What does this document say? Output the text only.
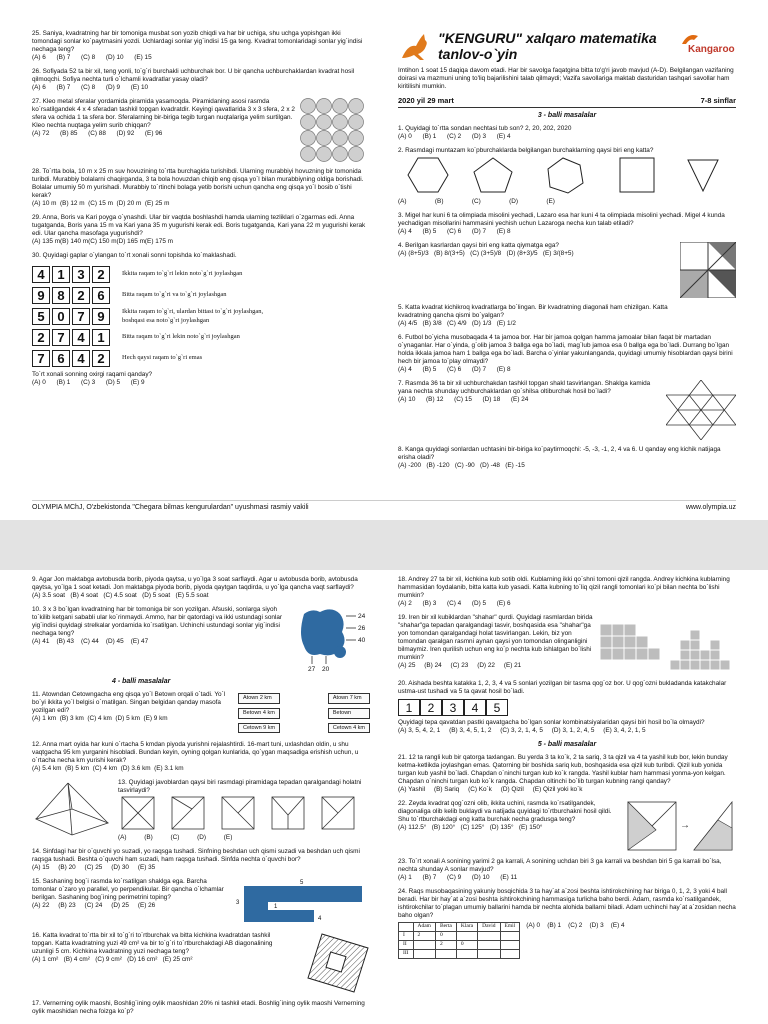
25. Saniya, kvadratning har bir tomoniga musbat son yozib chiqdi va har bir uchiga, shu uchga yopishgan ikki tomondagi sonlar ko`paytmasini yozdi. Uchlardagi sonlar yig`indisi 15 ga teng. Kvadrat tomonlaridagi sonlar yig`indisi nechaga teng?

(A) 6      (B) 7      (C) 8      (D) 10      (E) 15

26. Sofiyada 52 ta bir xil, teng yonli, to`g`ri burchakli uchburchak bor. U bir qancha uchburchaklardan kvadrat hosil qilmoqchi. Sofiya nechta turli o`lchamli kvadratlar yasay oladi?

(A) 6      (B) 7      (C) 8      (D) 9      (E) 10

27. Kleo metal sferalar yordamida piramida yasamoqda. Piramidaning asosi rasmda ko`rsatilgandek 4 x 4 sferadan tashkil topgan kvadratdir. Keyingi qavatlarida 3 x 3 sfera, 2 x 2 sfera va ochida 1 ta sfera bor. Sferalarning bir-biriga tegib turgan nuqtalariga yelim surtilgan. Kleo nechta nuqtaga yelim surib chiqqan?

(A) 72      (B) 85      (C) 88      (D) 92      (E) 96

28. To`rtta bola, 10 m x 25 m suv hovuzining to`rtta burchagida turishibdi. Ularning murabbiyi hovuzning bir tomonida turibdi. Murabbiy bolalarni chaqirganda, 3 ta bola hovuzdan chiqib eng qisqa yo`l bilan murabbiyning oldiga borishadi. Bolalar umumiy 50 m yurishadi. Murabbiy to`rtinchi bolaga yetib borishi uchun qancha eng qisqa yo`l bosib o`tishi kerak?

(A) 10 m  (B) 12 m  (C) 15 m  (D) 20 m  (E) 25 m

29. Anna, Boris va Kari poyga o`ynashdi. Ular bir vaqtda boshlashdi hamda ularning tezliklari o`zgarmas edi. Anna tugatganda, Boris yana 15 m va Kari yana 35 m yugurishi kerak edi. Boris tugatganda, Kari yana 22 m yugurishi kerak edi. Ular qancha masofaga yugurishdi?

(A) 135 m(B) 140 m(C) 150 m(D) 165 m(E) 175 m

30. Quyidagi gaplar o`ylangan to`rt xonali sonni topishda ko`maklashadi.

4 1 3 2	Ikkita raqam to`g`ri lekin noto`g`ri joylashgan
9 8 2 6	Bitta raqam to`g`ri va to`g`ri joylashgan
5 0 7 9	Ikkita raqam to`g`ri, ulardan bittasi to`g`ri joylashgan, boshqasi esa noto`g`ri joylashgan
2 7 4 1	Bitta raqam to`g`ri lekin noto`g`ri joylashgan
7 6 4 2	Hech qaysi raqam to`g`ri emas

To`rt xonali sonning oxirgi raqami qanday?

(A) 0      (B) 1      (C) 3      (D) 5      (E) 9

"KENGURU" xalqaro matematika tanlov-o`yin	Kangaroo

Imtihon 1 soat 15 daqiqa davom etadi. Har bir savolga faqatgina bitta to'g'ri javob mavjud (A-D). Belgilangan vazifaning doirasi va mazmuni uning to'liq bajarilishini talab qilmaydi; Vazifa savollariga maktab dasturidan tashqari savollar ham kiritilishi mumkin.

2020 yil 29 mart	7-8 sinflar
3 - balli masalalar

1. Quyidagi to`rtta sondan nechtasi tub son? 2, 20, 202, 2020

(A) 0      (B) 1      (C) 2      (D) 3      (E) 4

2. Rasmdagi muntazam ko`pburchaklarda belgilangan burchaklarning qaysi biri eng katta?

(A)                (B)                (C)                (D)                (E)

3. Migel har kuni 6 ta olimpiada misolini yechadi, Lazaro esa har kuni 4 ta olimpiada misolini yechadi. Migel 4 kunda yechadigan misollarini hammasini yechish uchun Lazaroga necha kun talab etiladi?

(A) 4      (B) 5      (C) 6      (D) 7      (E) 8

4. Berilgan kasrlardan qaysi biri eng katta qiymatga ega?

(A) (8+5)/3   (B) 8/(3+5)   (C) (3+5)/8   (D) (8+3)/5   (E) 3/(8+5)

5. Katta kvadrat kichikroq kvadratlarga bo`lingan. Bir kvadratning diagonali ham chizilgan. Katta kvadratning qancha qismi bo`yalgan?

(A) 4/5   (B) 3/8   (C) 4/9   (D) 1/3   (E) 1/2

6. Futbol bo`yicha musobaqada 4 ta jamoa bor. Har bir jamoa qolgan hamma jamoalar bilan faqat bir martadan o`ynaganlar. Har o`yinda, g`olib jamoa 3 ballga ega bo`ladi, mag`lub jamoa esa 0 ballga ega bo`ladi. Durrang bo`lgan holda ikkala jamoa ham 1 ballga ega bo`ladi. Barcha o`yinlar yakunlanganda, quyidagi umumiy hisoblardan qaysi birini hech bir jamoa to`play olmaydi?

(A) 4      (B) 5      (C) 6      (D) 7      (E) 8

7. Rasmda 36 ta bir xil uchburchakdan tashkil topgan shakl tasvirlangan. Shaklga kamida yana nechta shunday uchburchaklardan qo`shilsa oltiburchak hosil bo`ladi?

(A) 10      (B) 12      (C) 15      (D) 18      (E) 24

8. Kanga quyidagi sonlardan uchtasini bir-biriga ko`paytirmoqchi: -5, -3, -1, 2, 4 va 6. U qanday eng kichik natijaga erisha oladi?

(A) -200   (B) -120   (C) -90   (D) -48   (E) -15

OLYMPIA MChJ, O'zbekistonda "Chegara bilmas kengurulardan" uyushmasi rasmiy vakili	www.olympia.uz

9. Agar Jon maktabga avtobusda borib, piyoda qaytsa, u yo`lga 3 soat sarflaydi. Agar u avtobusda borib, avtobusda qaytsa, yo`lga 1 soat ketadi. Jon maktabga piyoda borib, piyoda qaytgan taqdirda, u yo`lga qancha vaqt sarflaydi?

(A) 3.5 soat   (B) 4 soat   (C) 4.5 soat   (D) 5 soat   (E) 5.5 soat

10. 3 x 3 bo`lgan kvadratning har bir tomoniga bir son yozilgan. Afsuski, sonlarga siyoh to`kilib ketgani sababli ular ko`rinmaydi. Ammo, har bir qatordagi va ikki ustundagi sonlar yig`indisi quyidagi strelkalar yordamida ko`rsatilgan. Uchinchi ustundagi sonlar yig`indisi nechaga teng?

(A) 41    (B) 43    (C) 44    (D) 45    (E) 47

24
26
40
27 20
4 - balli masalalar

11. Atowndan Cetowngacha eng qisqa yo`l Betown orqali o`tadi. Yo`l bo`yi ikkita yo`l belgisi o`rnatilgan. Singan belgidan qanday masofa yozilgan edi?

(A) 1 km  (B) 3 km  (C) 4 km  (D) 5 km  (E) 9 km

Atown 2 km
Betown 4 km
Cetown 9 km
Atown 7 km
Betown
Cetown 4 km

12. Anna mart oyida har kuni o`rtacha 5 kmdan piyoda yurishni rejalashtirdi. 16-mart tuni, uxlashdan oldin, u shu vaqtgacha 95 km yurganini hisobladi. Bundan keyin, oyning qolgan kunlarida, qo`ygan maqsadiga erishish uchun, u o`rtacha necha km yurishi kerak?

(A) 5.4 km  (B) 5 km  (C) 4 km  (D) 3.6 km  (E) 3.1 km

13. Quyidagi javoblardan qaysi biri rasmdagi piramidaga tepadan qaralgandagi holatni tasvirlaydi?

(A)          (B)          (C)          (D)          (E)

14. Sinfdagi har bir o`quvchi yo suzadi, yo raqsga tushadi. Sinfning beshdan uch qismi suzadi va beshdan uch qismi raqsga tushadi. Beshta o`quvchi ham suzadi, ham raqsga tushadi. Sinfda nechta o`quvchi bor?

(A) 15     (B) 20     (C) 25     (D) 30     (E) 35

15. Sashaning bog`i rasmda ko`rsatilgan shaklga ega. Barcha tomonlar o`zaro yo parallel, yo perpendikular. Bir qancha o`lchamlar berilgan. Sashaning bog`ining perimetrini toping?

(A) 22     (B) 23     (C) 24     (D) 25     (E) 26

5
3
1
4

16. Katta kvadrat to`rtta bir xil to`g`ri to`rtburchak va bitta kichkina kvadratdan tashkil topgan. Katta kvadratning yuzi 49 cm² va bir to`g`ri to`rtburchakdagi AB diagonalining uzunligi 5 cm. Kichkina kvadratning yuzi nechaga teng?

(A) 1 cm²   (B) 4 cm²   (C) 9 cm²   (D) 16 cm²   (E) 25 cm²

17. Vernerning oylik maoshi, Boshlig`ining oylik maoshidan 20% ni tashkil etadi. Boshlig`ining oylik maoshi Vernerning oylik maoshidan necha foizga ko`p?

18. Andrey 27 ta bir xil, kichkina kub sotib oldi. Kublarning ikki qo`shni tomoni qizil rangda. Andrey kichkina kublarning hammasidan foydalanib, bitta katta kub yasadi. Katta kubning to`liq qizil rangli tomonlari ko`pi bilan nechta bo`lishi mumkin?

(A) 2      (B) 3      (C) 4      (D) 5      (E) 6

19. Iren bir xil kubiklardan "shahar" qurdi. Quyidagi rasmlardan birida "shahar"ga tepadan qaralgandagi tasvir, boshqasida esa "shahar"ga yon tomondan qaralgandagi holat tasvirlangan. Lekin, biz yon tomondan qaralgan rasmni aynan qaysi yon tomondan olinganligini bilmaymiz. Iren qurilish uchun eng ko`p nechta kub ishlatgan bo`lishi mumkin?

(A) 25     (B) 24     (C) 23     (D) 22     (E) 21

20. Aishada beshta katakka 1, 2, 3, 4 va 5 sonlari yozilgan bir tasma qog`oz bor. U qog`ozni bukladanda katakchalar ustma-ust tushadi va 5 ta qavat hosil bo`ladi.

1	2	3	4	5

Quyidagi tepa qavatdan pastki qavatgacha bo`lgan sonlar kombinatsiyalaridan qaysi biri hosil bo`la olmaydi?

(A) 3, 5, 4, 2, 1     (B) 3, 4, 5, 1, 2     (C) 3, 2, 1, 4, 5     (D) 3, 1, 2, 4, 5     (E) 3, 4, 2, 1, 5

5 - balli masalalar

21. 12 ta rangli kub bir qatorga taxlangan. Bu yerda 3 ta ko`k, 2 ta sariq, 3 ta qizil va 4 ta yashil kub bor, lekin bunday ketma-ketlikda joylashgan emas. Qatorning bir boshida sariq kub, boshqasida esa qizil kub turibdi. Qizil kub yonida turgan kub yashil bo`ladi. Chapdan o`ninchi turgan kub ko`k rangda. Yashil kublar ham hammasi yonma-yon kelgan. Chapdan o`ninchi turgan kub ko`k rangda. Chapdan oltinchi bo`lib turgan kubning rangi qanday?

(A) Yashil     (B) Sariq     (C) Ko`k     (D) Qizil     (E) Qizil yoki ko`k

22. Zeyda kvadrat qog`ozni olib, ikkita uchini, rasmda ko`rsatilgandek, diagonaliga olib kelib buklaydi va natijada quyidagi to`rtburchakni hosil qildi. Shu to`rtburchakdagi eng katta burchak necha gradusga teng?

(A) 112.5°   (B) 120°   (C) 125°   (D) 135°   (E) 150°	→

23. To`rt xonali A sonining yarimi 2 ga karrali, A sonining uchdan biri 3 ga karrali va beshdan biri 5 ga karrali bo`lsa, nechta shunday A sonlar mavjud?

(A) 1      (B) 7      (C) 9      (D) 10      (E) 11

24. Raqs musobaqasining yakuniy bosqichida 3 ta hay`at a`zosi beshta ishtirokchining har biriga 0, 1, 2, 3 yoki 4 ball beradi. Har bir hay`at a`zosi beshta ishtirokchining hammasiga turlicha baho berdi. Adam, rasmda ko`rsatilgandek, ishtirokchilar to`plagan umumiy ballarini hamda bir nechta alohida ballarni biladi. Adam uchinchi hay`at a`zosidan necha baho olgan?

	Adam	Berta	Klara	David	Emil
I	2	0			
II		2	0		
III					
(A) 0    (B) 1    (C) 2    (D) 3    (E) 4
